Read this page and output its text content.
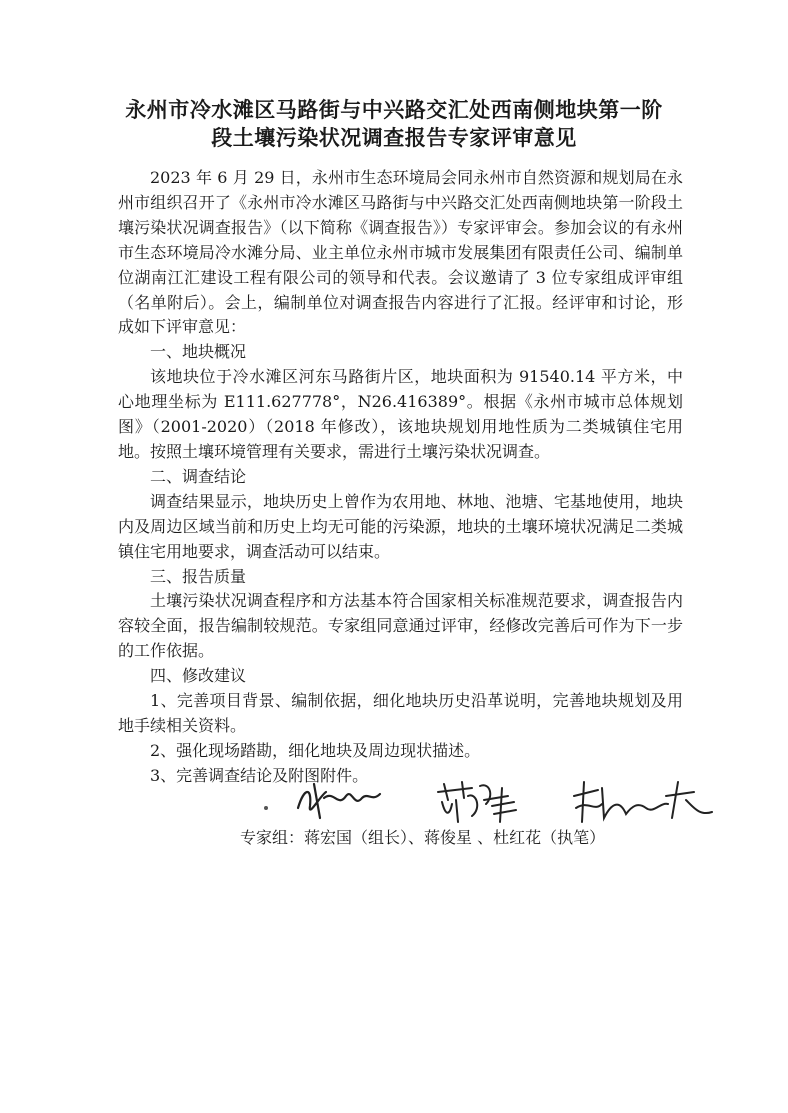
永州市冷水滩区马路街与中兴路交汇处西南侧地块第一阶
段土壤污染状况调查报告专家评审意见

2023 年 6 月 29 日，永州市生态环境局会同永州市自然资源和规划局在永州市组织召开了《永州市冷水滩区马路街与中兴路交汇处西南侧地块第一阶段土壤污染状况调查报告》（以下简称《调查报告》）专家评审会。参加会议的有永州市生态环境局冷水滩分局、业主单位永州市城市发展集团有限责任公司、编制单位湖南江汇建设工程有限公司的领导和代表。会议邀请了 3 位专家组成评审组（名单附后）。会上，编制单位对调查报告内容进行了汇报。经评审和讨论，形成如下评审意见：

一、地块概况

该地块位于冷水滩区河东马路街片区，地块面积为 91540.14 平方米，中心地理坐标为 E111.627778°，N26.416389°。根据《永州市城市总体规划图》（2001-2020）（2018 年修改），该地块规划用地性质为二类城镇住宅用地。按照土壤环境管理有关要求，需进行土壤污染状况调查。

二、调查结论

调查结果显示，地块历史上曾作为农用地、林地、池塘、宅基地使用，地块内及周边区域当前和历史上均无可能的污染源，地块的土壤环境状况满足二类城镇住宅用地要求，调查活动可以结束。

三、报告质量

土壤污染状况调查程序和方法基本符合国家相关标准规范要求，调查报告内容较全面，报告编制较规范。专家组同意通过评审，经修改完善后可作为下一步的工作依据。

四、修改建议

1、完善项目背景、编制依据，细化地块历史沿革说明，完善地块规划及用地手续相关资料。

2、强化现场踏勘，细化地块及周边现状描述。

3、完善调查结论及附图附件。

专家组：蒋宏国（组长）、蒋俊星 、杜红花（执笔）
